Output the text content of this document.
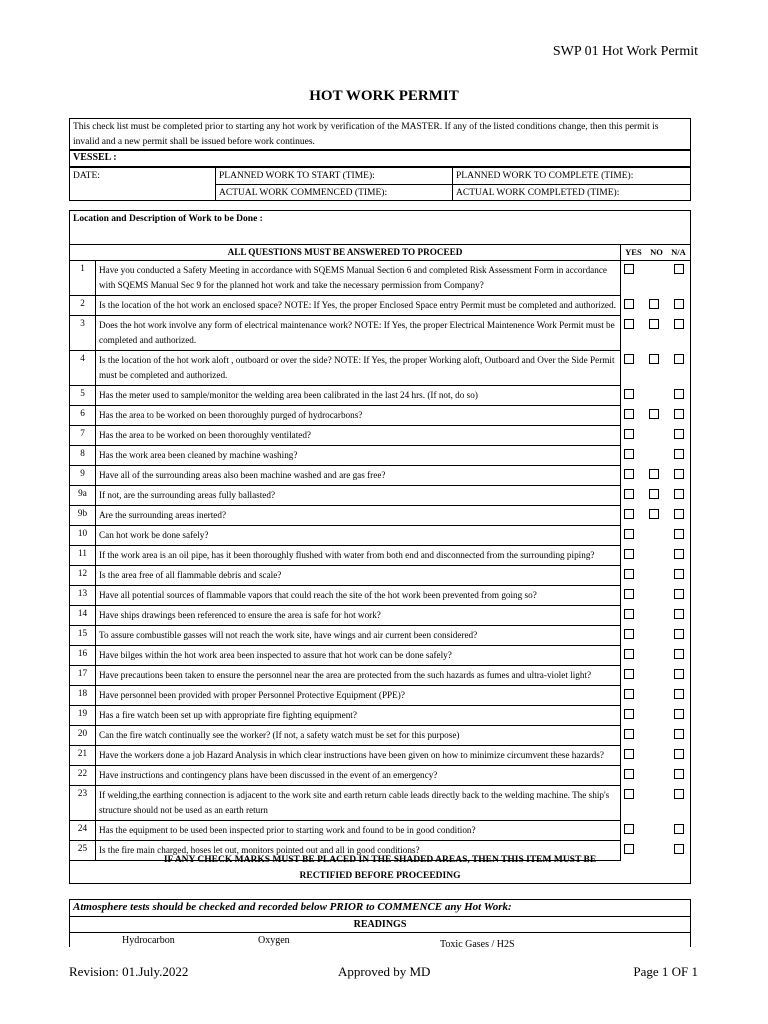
SWP 01 Hot Work Permit
HOT WORK PERMIT
This check list must be completed prior to starting any hot work by verification of the MASTER. If any of the listed conditions change, then this permit is invalid and a new permit shall be issued before work continues.
VESSEL :
DATE:	PLANNED WORK TO START (TIME):	PLANNED WORK TO COMPLETE (TIME):
ACTUAL WORK COMMENCED (TIME):	ACTUAL WORK COMPLETED (TIME):
Location and Description of Work to be Done :
ALL QUESTIONS MUST BE ANSWERED TO PROCEED		YES NO N/A

1	Have you conducted a Safety Meeting in accordance with SQEMS Manual Section 6 and completed Risk Assessment Form in accordance with SQEMS Manual Sec 9 for the planned hot work and take the necessary permission from Company?	

2	Is the location of the hot work an enclosed space? NOTE: If Yes, the proper Enclosed Space entry Permit must be completed and authorized.	

3	Does the hot work involve any form of electrical maintenance work? NOTE: If Yes, the proper Electrical Maintenence Work Permit must be completed and authorized.	

4	Is the location of the hot work aloft , outboard or over the side? NOTE: If Yes, the proper Working aloft, Outboard and Over the Side Permit must be completed and authorized.	

5	Has the meter used to sample/monitor the welding area been calibrated in the last 24 hrs. (If not, do so)	

6	Has the area to be worked on been thoroughly purged of hydrocarbons?	

7	Has the area to be worked on been thoroughly ventilated?	

8	Has the work area been cleaned by machine washing?	

9	Have all of the surrounding areas also been machine washed and are gas free?	

9a	If not, are the surrounding areas fully ballasted?	

9b	Are the surrounding areas inerted?	

10	Can hot work be done safely?	

11	If the work area is an oil pipe, has it been thoroughly flushed with water from both end and disconnected from the surrounding piping?	

12	Is the area free of all flammable debris and scale?	

13	Have all potential sources of flammable vapors that could reach the site of the hot work been prevented from going so?	

14	Have ships drawings been referenced to ensure the area is safe for hot work?	

15	To assure combustible gasses will not reach the work site, have wings and air current been considered?	

16	Have bilges within the hot work area been inspected to assure that hot work can be done safely?	

17	Have precautions been taken to ensure the personnel near the area are protected from the such hazards as fumes and ultra-violet light?	

18	Have personnel been provided with proper Personnel Protective Equipment (PPE)?	

19	Has a fire watch been set up with appropriate fire fighting equipment?	

20	Can the fire watch continually see the worker? (If not, a safety watch must be set for this purpose)	

21	Have the workers done a job Hazard Analysis in which clear instructions have been given on how to minimize circumvent these hazards?	

22	Have instructions and contingency plans have been discussed in the event of an emergency?	

23	If welding,the earthing connection is adjacent to the work site and earth return cable leads directly back to the welding machine. The ship's structure should not be used as an earth return	

24	Has the equipment to be used been inspected prior to starting work and found to be in good condition?	

25	Is the fire main charged, hoses let out, monitors pointed out and all in good conditions?	
IF ANY CHECK MARKS MUST BE PLACED IN THE SHADED AREAS, THEN THIS ITEM MUST BE
RECTIFIED BEFORE PROCEEDING
Atmosphere tests should be checked and recorded below PRIOR to COMMENCE any Hot Work:
READINGS
Hydrocarbon	Oxygen	Toxic Gases / H2S
Revision: 01.July.2022	Approved by MD	Page 1 OF 1
